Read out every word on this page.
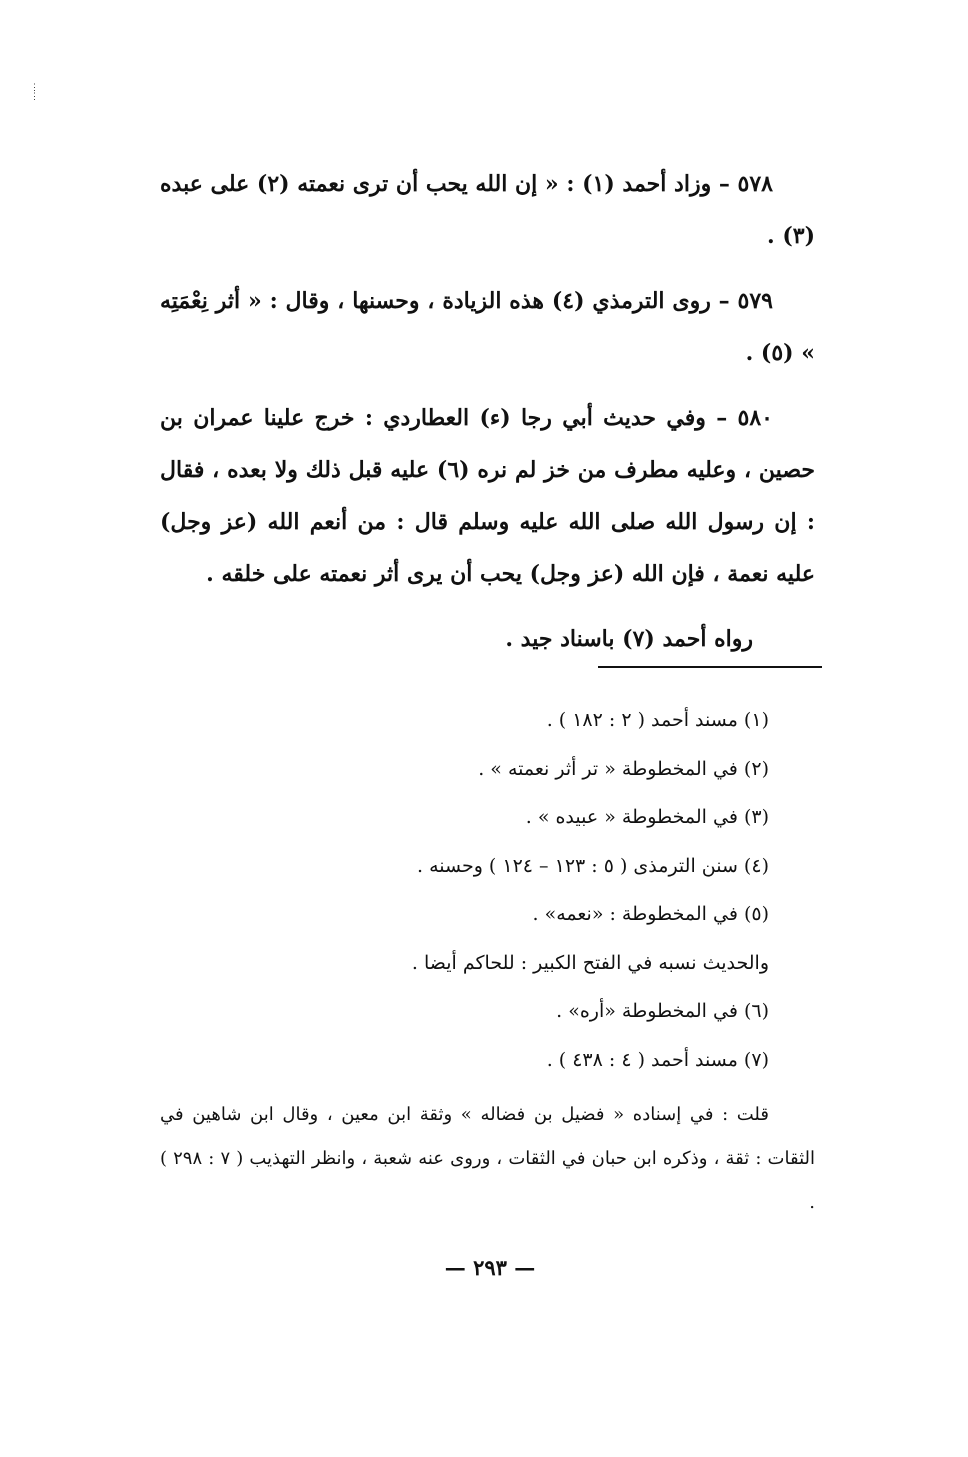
⋮ ⋮

٥٧٨ – وزاد أحمد (١) : « إن الله يحب أن ترى نعمته (٢) على عبده (٣) .

٥٧٩ – روى الترمذي (٤) هذه الزيادة ، وحسنها ، وقال : « أثر نِعْمَتِه » (٥) .

٥٨٠ – وفي حديث أبي رجا (ء) العطاردي : خرج علينا عمران بن حصين ، وعليه مطرف من خز لم نره (٦) عليه قبل ذلك ولا بعده ، فقال : إن رسول الله صلى الله عليه وسلم قال : من أنعم الله (عز وجل) عليه نعمة ، فإن الله (عز وجل) يحب أن يرى أثر نعمته على خلقه .

رواه أحمد (٧) باسناد جيد .

(١) مسند أحمد ( ٢ : ١٨٢ ) .

(٢) في المخطوطة « تر أثر نعمته » .

(٣) في المخطوطة « عبيده » .

(٤) سنن الترمذى ( ٥ : ١٢٣ – ١٢٤ ) وحسنه .

(٥) في المخطوطة : «نعمه» .

والحديث نسبه في الفتح الكبير : للحاكم أيضا .

(٦) في المخطوطة «أره» .

(٧) مسند أحمد ( ٤ : ٤٣٨ ) .

قلت : في إسناده « فضيل بن فضاله » وثقة ابن معين ، وقال ابن شاهين في الثقات : ثقة ، وذكره ابن حبان في الثقات ، وروى عنه شعبة ، وانظر التهذيب ( ٧ : ٢٩٨ ) .

— ٢٩٣ —
